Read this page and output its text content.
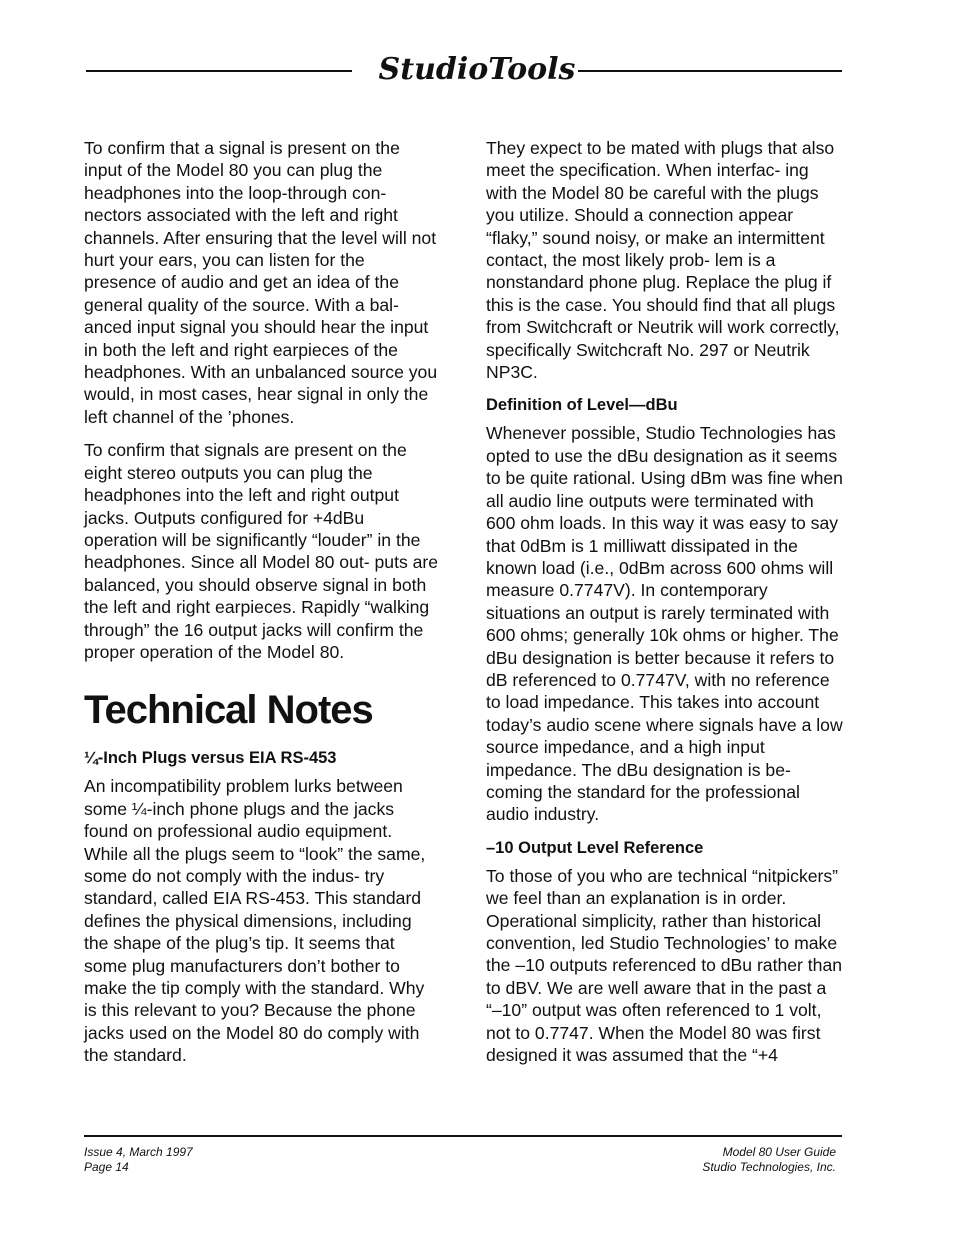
StudioTools

To confirm that a signal is present on the input of the Model 80 you can plug the headphones into the loop-through con- nectors associated with the left and right channels. After ensuring that the level will not hurt your ears, you can listen for the presence of audio and get an idea of the general quality of the source. With a bal- anced input signal you should hear the input in both the left and right earpieces of the headphones. With an unbalanced source you would, in most cases, hear signal in only the left channel of the ’phones.

To confirm that signals are present on the eight stereo outputs you can plug the headphones into the left and right output jacks. Outputs configured for +4dBu operation will be significantly “louder” in the headphones. Since all Model 80 out- puts are balanced, you should observe signal in both the left and right earpieces. Rapidly “walking through” the 16 output jacks will confirm the proper operation of the Model 80.

Technical Notes
¼-Inch Plugs versus EIA RS-453

An incompatibility problem lurks between some ¼-inch phone plugs and the jacks found on professional audio equipment. While all the plugs seem to “look” the same, some do not comply with the indus- try standard, called EIA RS-453. This standard defines the physical dimensions, including the shape of the plug’s tip. It seems that some plug manufacturers don’t bother to make the tip comply with the standard. Why is this relevant to you? Because the phone jacks used on the Model 80 do comply with the standard.

They expect to be mated with plugs that also meet the specification. When interfac- ing with the Model 80 be careful with the plugs you utilize. Should a connection appear “flaky,” sound noisy, or make an intermittent contact, the most likely prob- lem is a nonstandard phone plug. Replace the plug if this is the case. You should find that all plugs from Switchcraft or Neutrik will work correctly, specifically Switchcraft No. 297 or Neutrik NP3C.

Definition of Level—dBu

Whenever possible, Studio Technologies has opted to use the dBu designation as it seems to be quite rational. Using dBm was fine when all audio line outputs were terminated with 600 ohm loads. In this way it was easy to say that 0dBm is 1 milliwatt dissipated in the known load (i.e., 0dBm across 600 ohms will measure 0.7747V). In contemporary situations an output is rarely terminated with 600 ohms; generally 10k ohms or higher. The dBu designation is better because it refers to dB referenced to 0.7747V, with no reference to load impedance. This takes into account today’s audio scene where signals have a low source impedance, and a high input impedance. The dBu designation is be- coming the standard for the professional audio industry.

–10 Output Level Reference

To those of you who are technical “nitpickers” we feel than an explanation is in order. Operational simplicity, rather than historical convention, led Studio Technologies’ to make the –10 outputs referenced to dBu rather than to dBV. We are well aware that in the past a “–10” output was often referenced to 1 volt, not to 0.7747. When the Model 80 was first designed it was assumed that the “+4

Issue 4, March 1997
Page 14
Model 80 User Guide
Studio Technologies, Inc.
